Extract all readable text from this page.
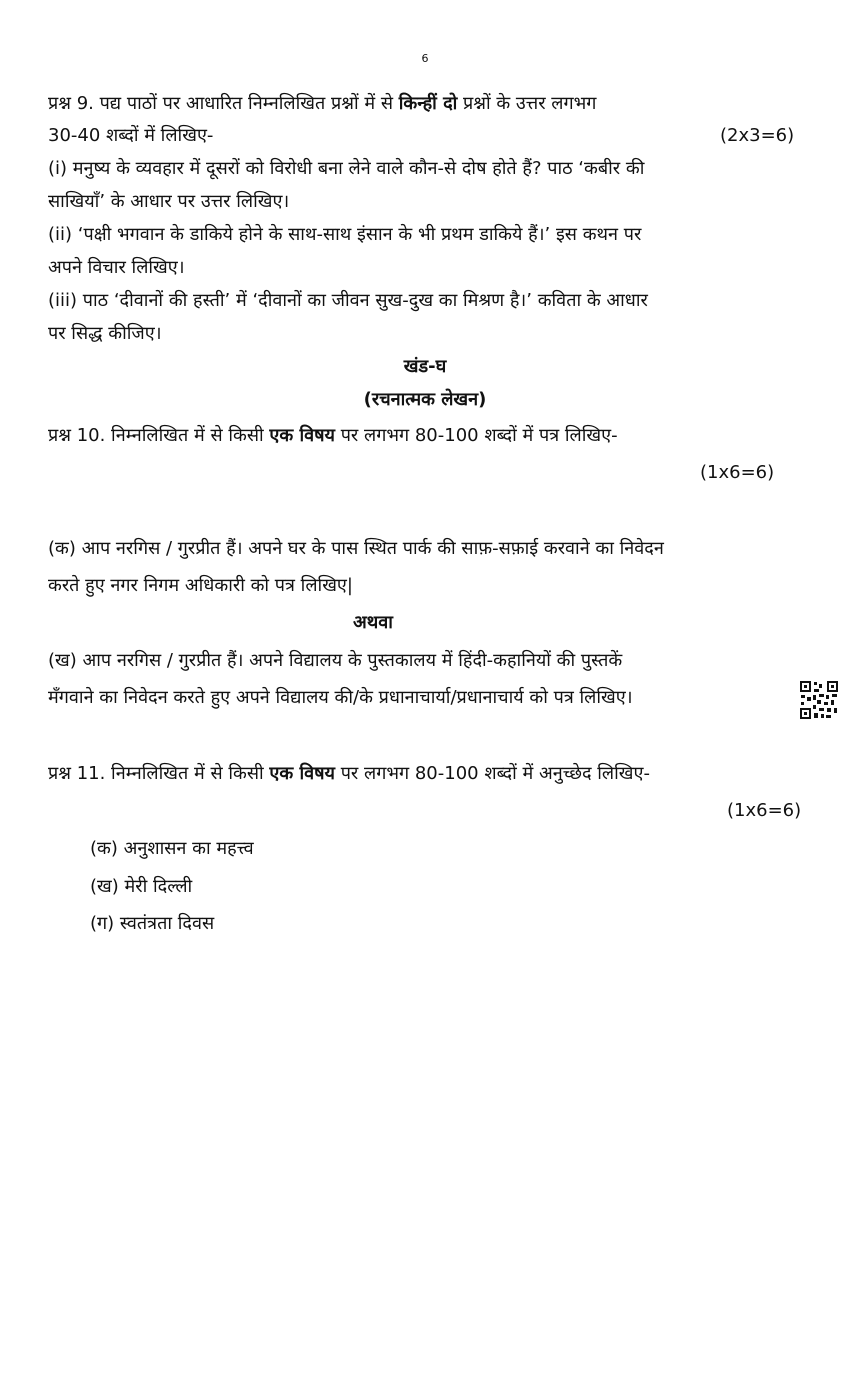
6
प्रश्न 9. पद्य पाठों पर आधारित निम्नलिखित प्रश्नों में से किन्हीं दो प्रश्नों के उत्तर लगभग
30-40 शब्दों में लिखिए-	(2x3=6)
(i) मनुष्य के व्यवहार में दूसरों को विरोधी बना लेने वाले कौन-से दोष होते हैं? पाठ ‘कबीर की
साखियाँ’ के आधार पर उत्तर लिखिए।
(ii) ‘पक्षी भगवान के डाकिये होने के साथ-साथ इंसान के भी प्रथम डाकिये हैं।’ इस कथन पर
अपने विचार लिखिए।
(iii) पाठ ‘दीवानों की हस्ती’ में ‘दीवानों का जीवन सुख-दुख का मिश्रण है।’ कविता के आधार
पर सिद्ध कीजिए।
खंड-घ
(रचनात्मक लेखन)
प्रश्न 10. निम्नलिखित में से किसी एक विषय पर लगभग 80-100 शब्दों में पत्र लिखिए-
(1x6=6)
(क) आप नरगिस / गुरप्रीत हैं। अपने घर के पास स्थित पार्क की साफ़-सफ़ाई करवाने का निवेदन
करते हुए नगर निगम अधिकारी को पत्र लिखिए|
अथवा
(ख) आप नरगिस / गुरप्रीत हैं। अपने विद्यालय के पुस्तकालय में हिंदी-कहानियों की पुस्तकें
मँगवाने का निवेदन करते हुए अपने विद्यालय की/के प्रधानाचार्या/प्रधानाचार्य को पत्र लिखिए।
प्रश्न 11. निम्नलिखित में से किसी एक विषय पर लगभग 80-100 शब्दों में अनुच्छेद लिखिए-
(1x6=6)
(क) अनुशासन का महत्त्व
(ख) मेरी दिल्ली
(ग) स्वतंत्रता दिवस
